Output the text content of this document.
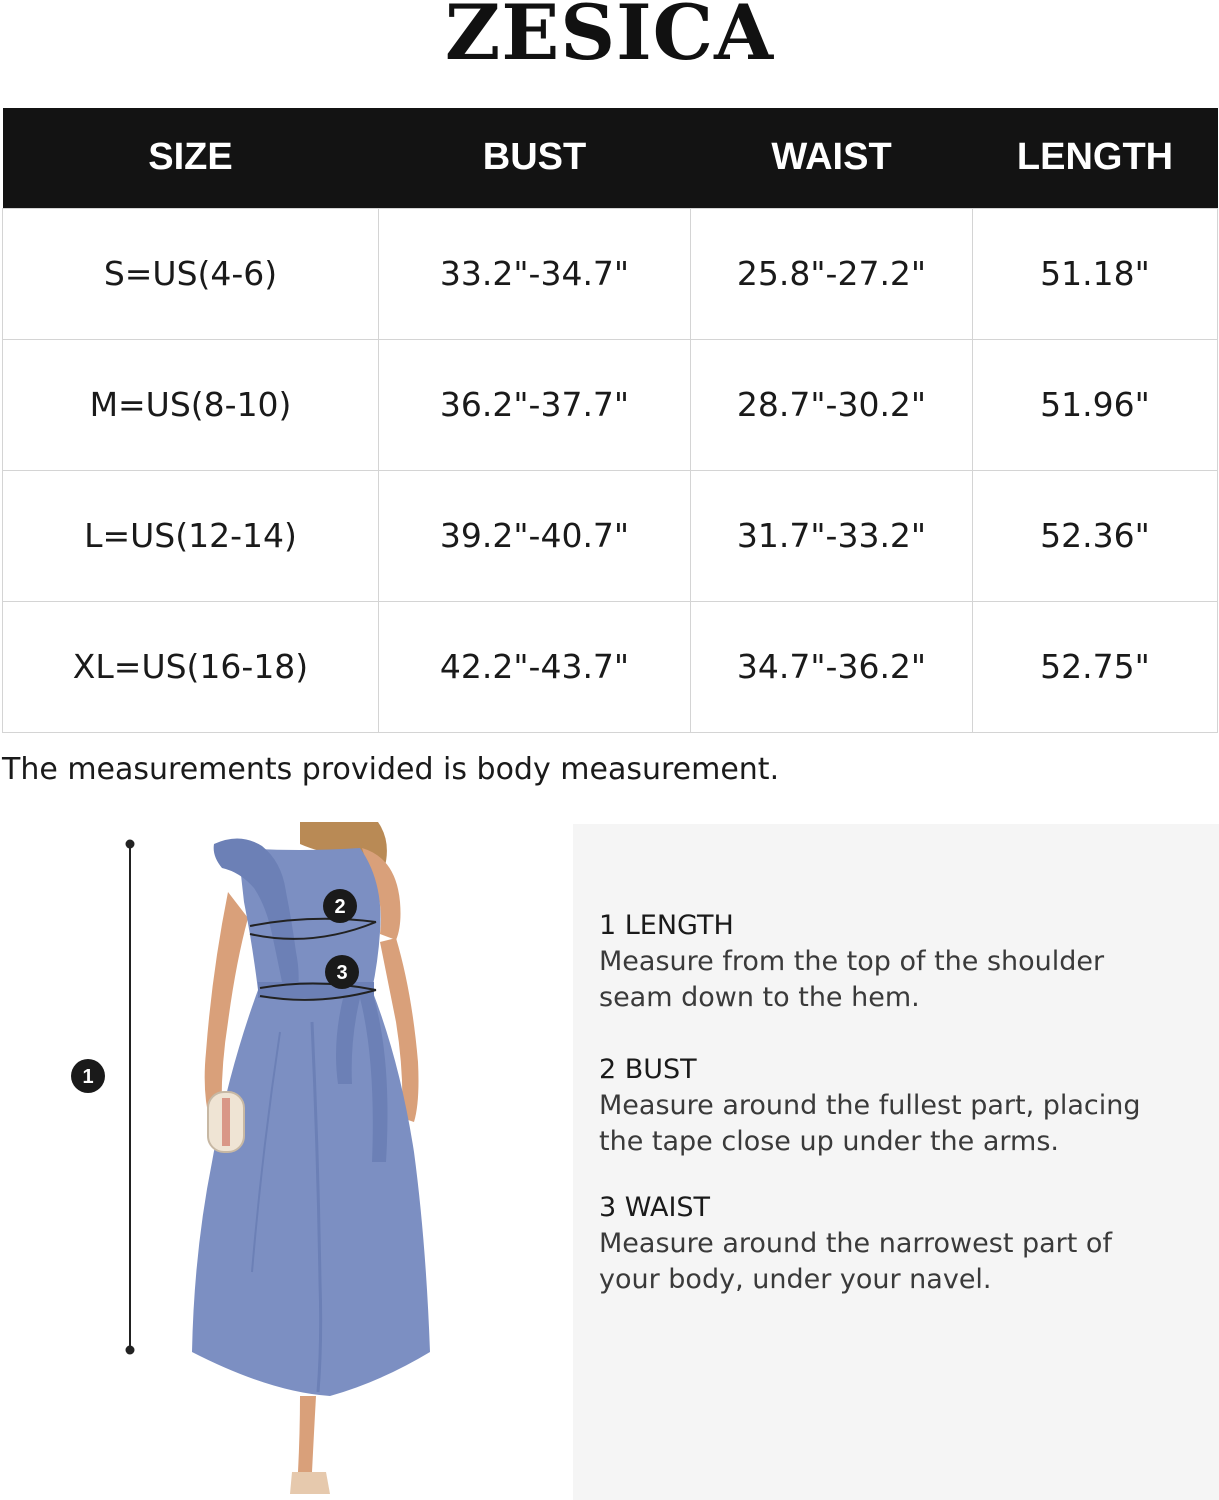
ZESICA
SIZE	BUST	WAIST	LENGTH
S=US(4-6)	33.2"-34.7"	25.8"-27.2"	51.18"
M=US(8-10)	36.2"-37.7"	28.7"-30.2"	51.96"
L=US(12-14)	39.2"-40.7"	31.7"-33.2"	52.36"
XL=US(16-18)	42.2"-43.7"	34.7"-36.2"	52.75"
The measurements provided is body measurement.
1
2
3
1 LENGTH
Measure from the top of the shoulder seam down to the hem.
2 BUST
Measure around the fullest part, placing the tape close up under the arms.
3 WAIST
Measure around the narrowest part of your body, under your navel.
